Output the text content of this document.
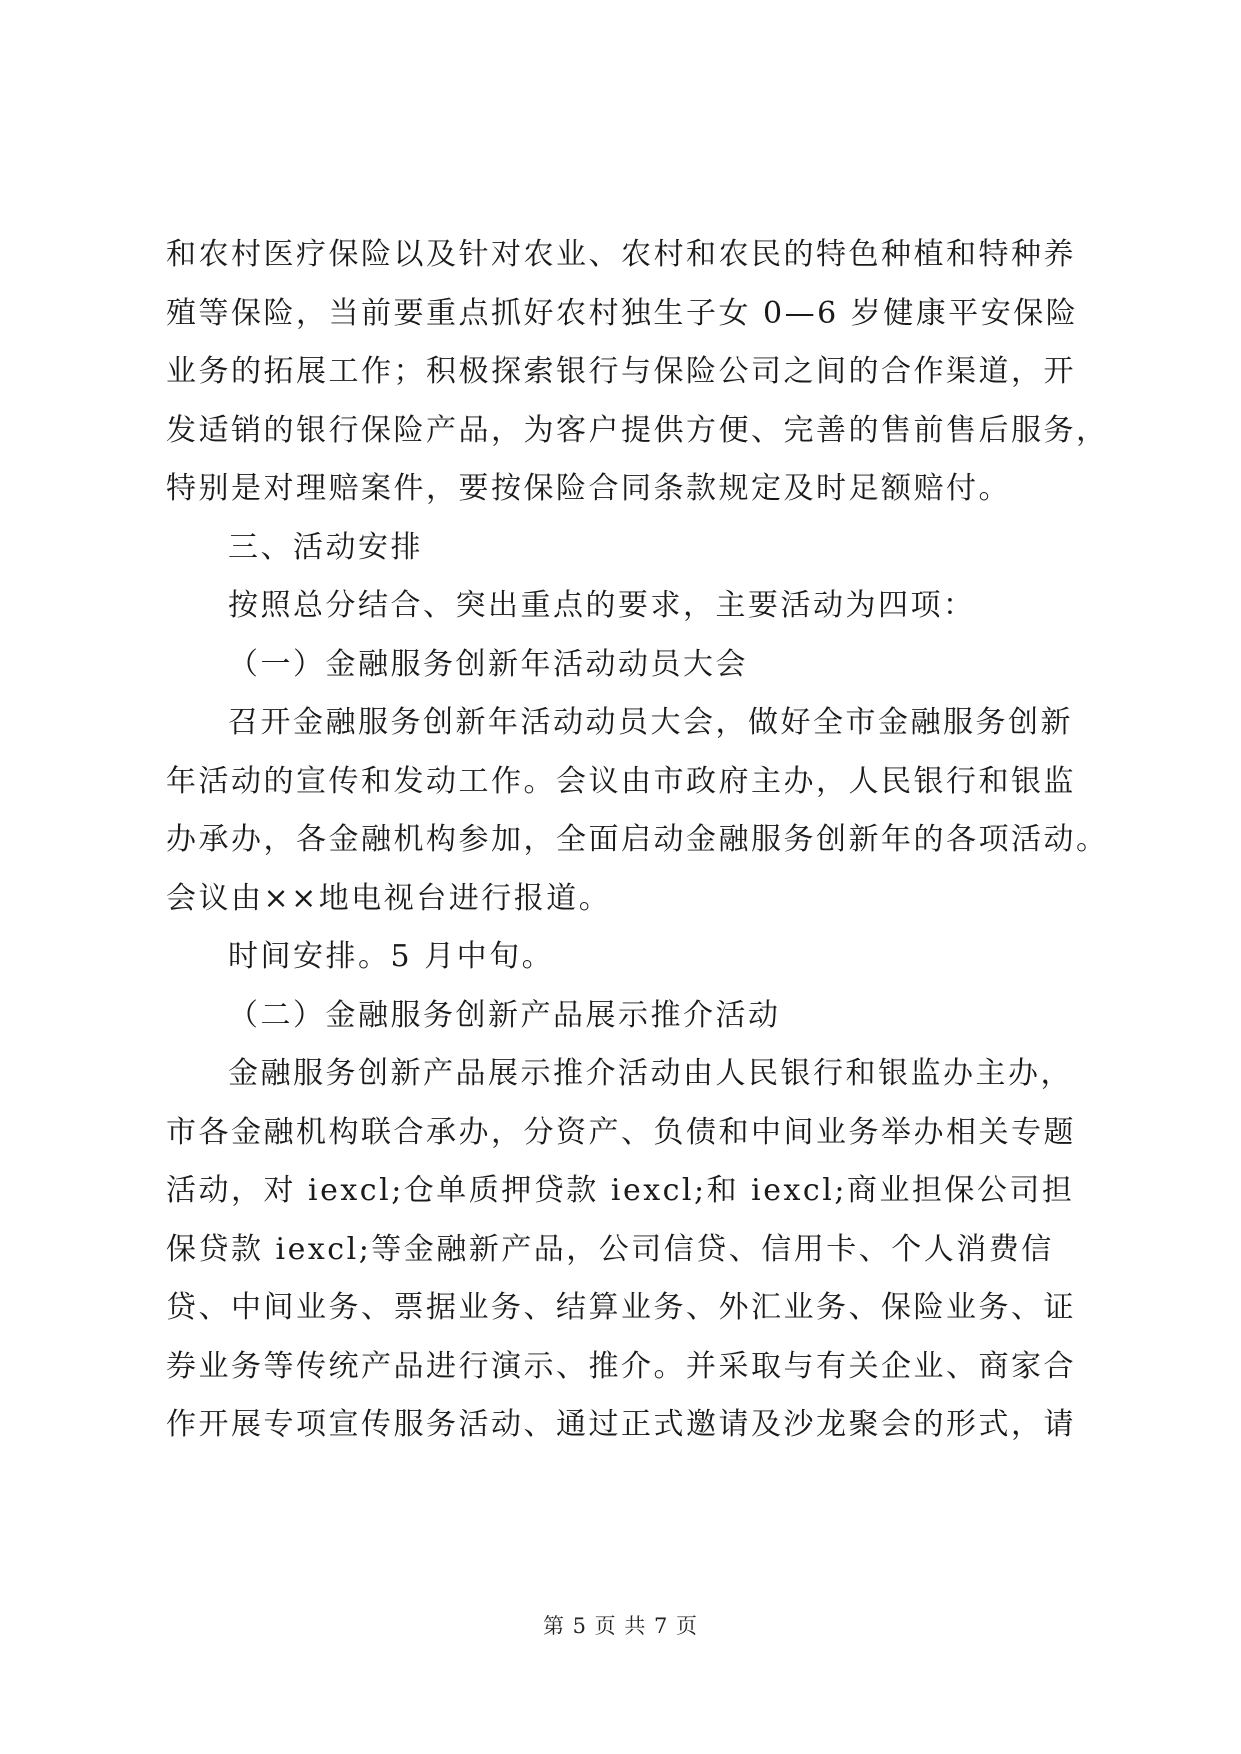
和农村医疗保险以及针对农业、农村和农民的特色种植和特种养
殖等保险，当前要重点抓好农村独生子女 0—6 岁健康平安保险
业务的拓展工作；积极探索银行与保险公司之间的合作渠道，开
发适销的银行保险产品，为客户提供方便、完善的售前售后服务，
特别是对理赔案件，要按保险合同条款规定及时足额赔付。
三、活动安排
按照总分结合、突出重点的要求，主要活动为四项：
（一）金融服务创新年活动动员大会
召开金融服务创新年活动动员大会，做好全市金融服务创新
年活动的宣传和发动工作。会议由市政府主办，人民银行和银监
办承办，各金融机构参加，全面启动金融服务创新年的各项活动。
会议由××地电视台进行报道。
时间安排。5 月中旬。
（二）金融服务创新产品展示推介活动
金融服务创新产品展示推介活动由人民银行和银监办主办，
市各金融机构联合承办，分资产、负债和中间业务举办相关专题
活动，对 iexcl;仓单质押贷款 iexcl;和 iexcl;商业担保公司担
保贷款 iexcl;等金融新产品，公司信贷、信用卡、个人消费信
贷、中间业务、票据业务、结算业务、外汇业务、保险业务、证
券业务等传统产品进行演示、推介。并采取与有关企业、商家合
作开展专项宣传服务活动、通过正式邀请及沙龙聚会的形式，请
第 5 页 共 7 页
